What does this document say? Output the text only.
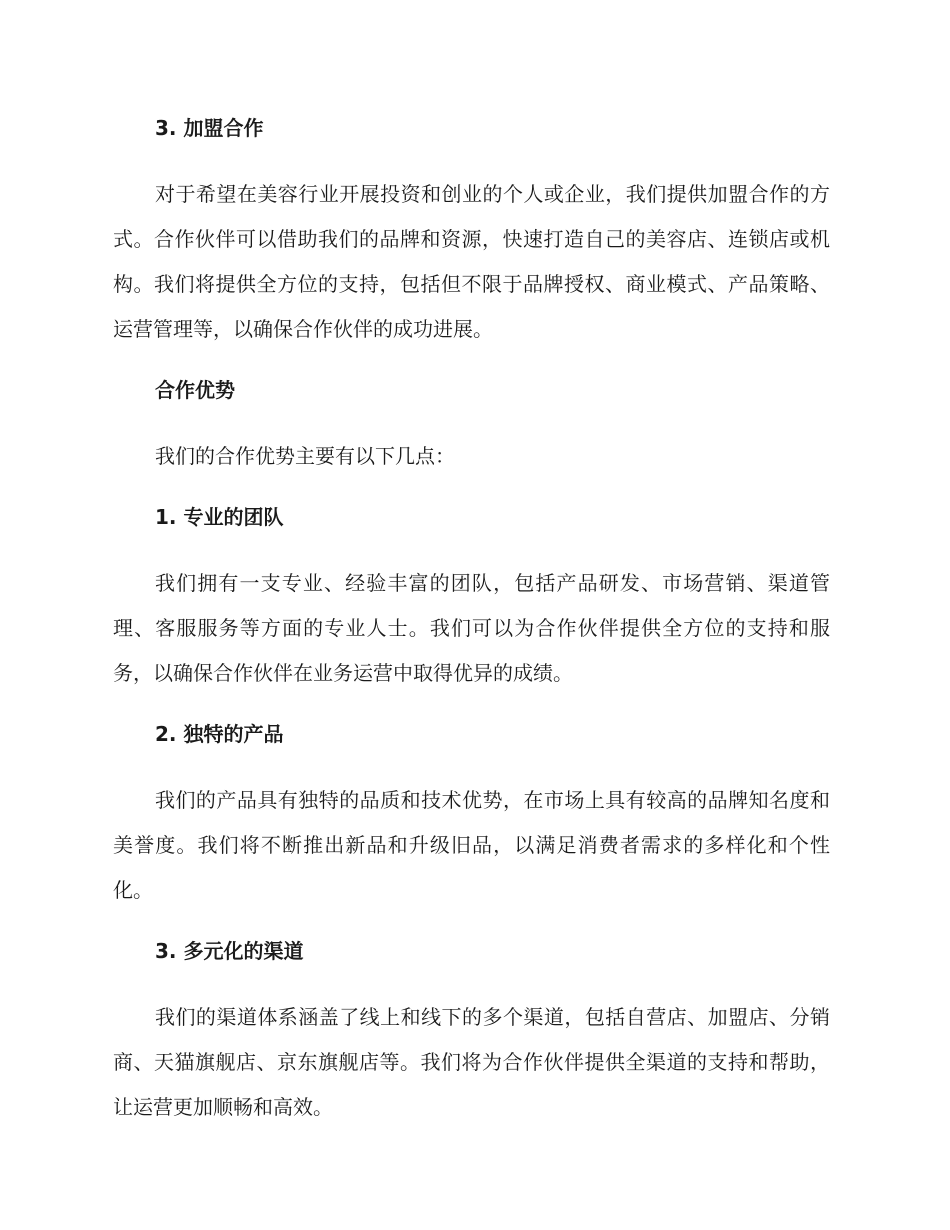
3. 加盟合作

对于希望在美容行业开展投资和创业的个人或企业，我们提供加盟合作的方式。合作伙伴可以借助我们的品牌和资源，快速打造自己的美容店、连锁店或机构。我们将提供全方位的支持，包括但不限于品牌授权、商业模式、产品策略、运营管理等，以确保合作伙伴的成功进展。

合作优势

我们的合作优势主要有以下几点：

1. 专业的团队

我们拥有一支专业、经验丰富的团队，包括产品研发、市场营销、渠道管理、客服服务等方面的专业人士。我们可以为合作伙伴提供全方位的支持和服务，以确保合作伙伴在业务运营中取得优异的成绩。

2. 独特的产品

我们的产品具有独特的品质和技术优势，在市场上具有较高的品牌知名度和美誉度。我们将不断推出新品和升级旧品，以满足消费者需求的多样化和个性化。

3. 多元化的渠道

我们的渠道体系涵盖了线上和线下的多个渠道，包括自营店、加盟店、分销商、天猫旗舰店、京东旗舰店等。我们将为合作伙伴提供全渠道的支持和帮助，让运营更加顺畅和高效。
